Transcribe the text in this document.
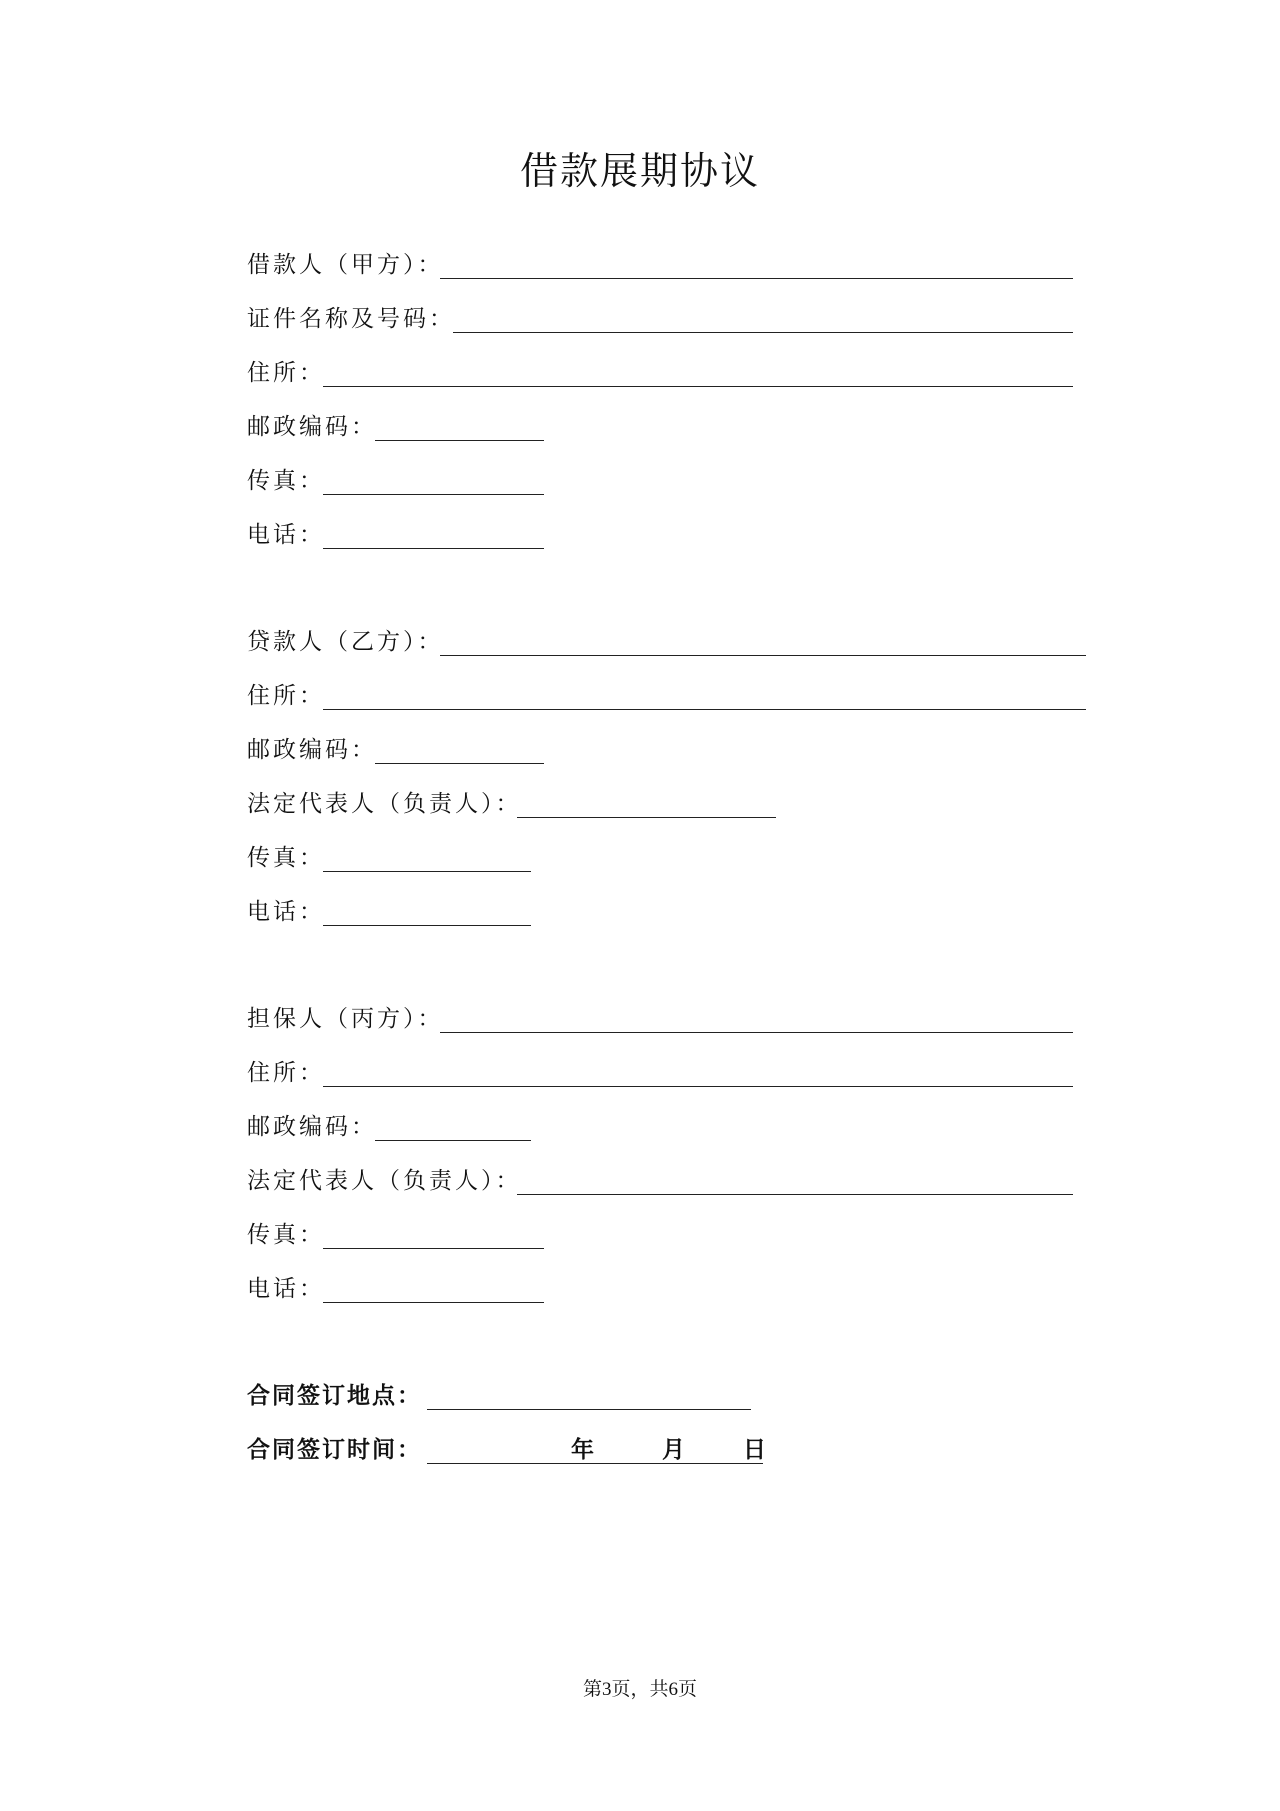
借款展期协议
借款人（甲方）：
证件名称及号码：
住所：
邮政编码：
传真：
电话：
贷款人（乙方）：
住所：
邮政编码：
法定代表人（负责人）：
传真：
电话：
担保人（丙方）：
住所：
邮政编码：
法定代表人（负责人）：
传真：
电话：
合同签订地点：
合同签订时间：	年	月	日
第3页，共6页
